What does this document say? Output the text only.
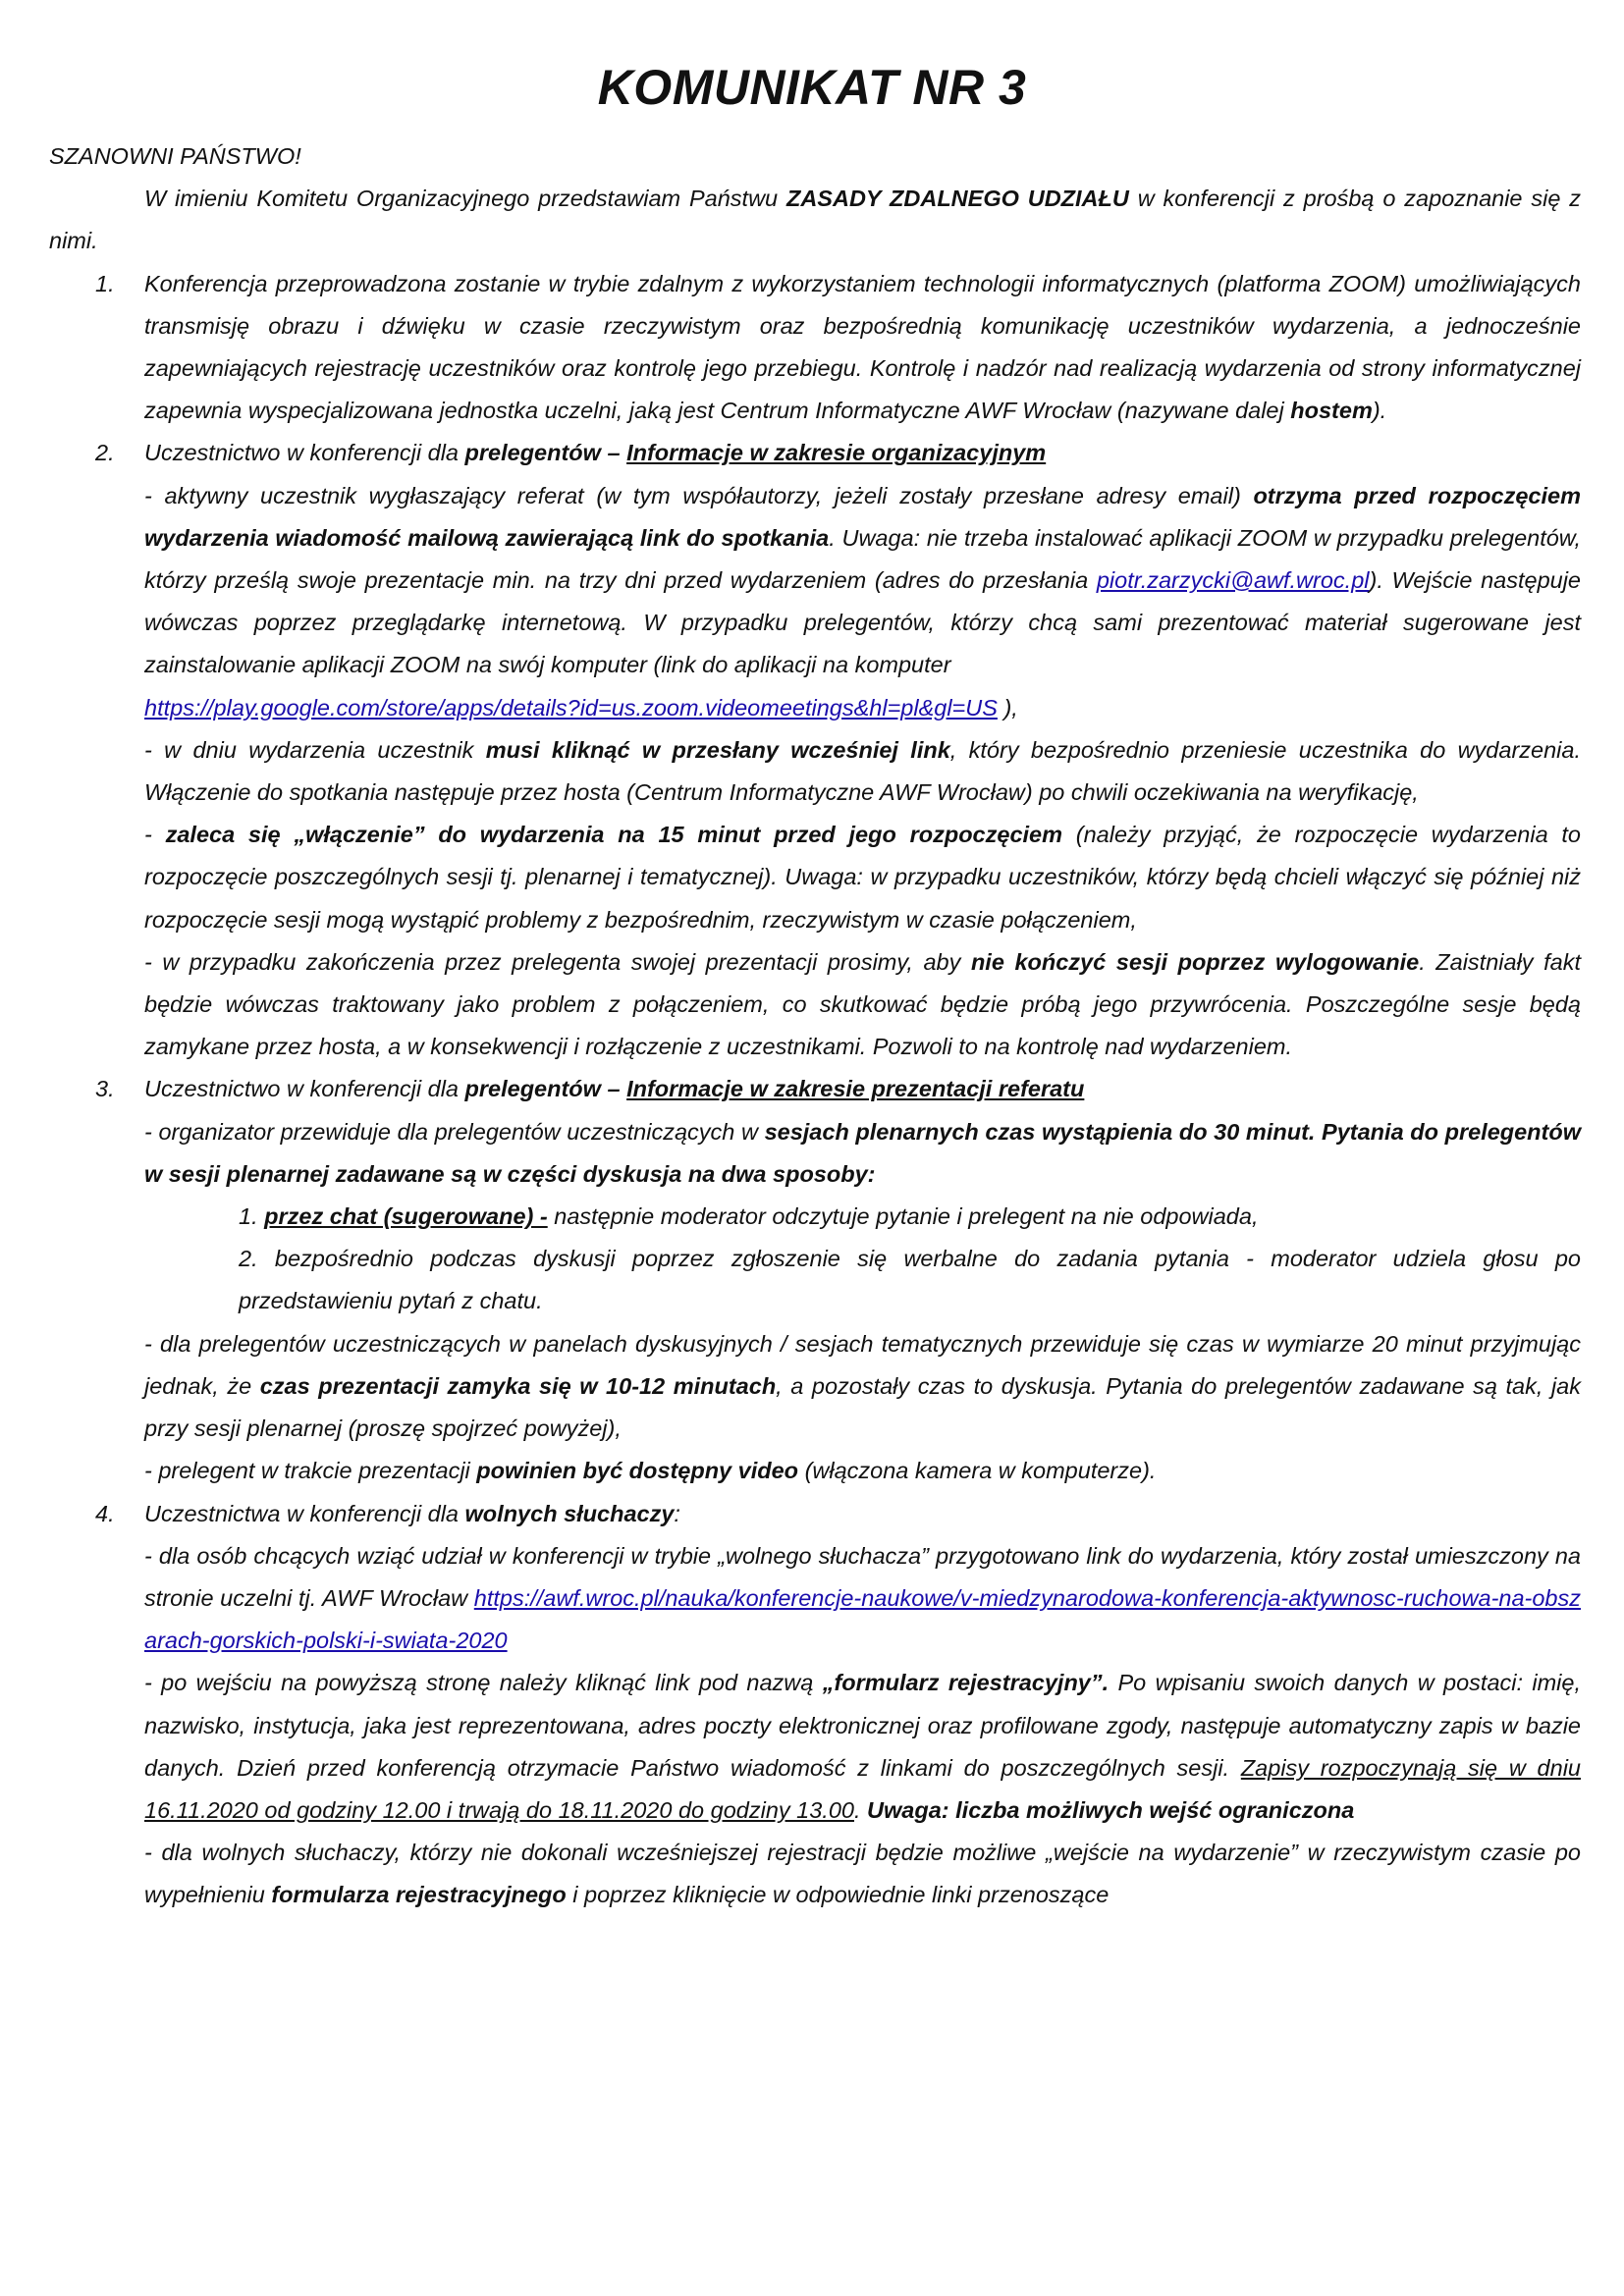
KOMUNIKAT NR 3

SZANOWNI PAŃSTWO!

W imieniu Komitetu Organizacyjnego przedstawiam Państwu ZASADY ZDALNEGO UDZIAŁU w konferencji z prośbą o zapoznanie się z nimi.

1. Konferencja przeprowadzona zostanie w trybie zdalnym z wykorzystaniem technologii informatycznych (platforma ZOOM) umożliwiających transmisję obrazu i dźwięku w czasie rzeczywistym oraz bezpośrednią komunikację uczestników wydarzenia, a jednocześnie zapewniających rejestrację uczestników oraz kontrolę jego przebiegu. Kontrolę i nadzór nad realizacją wydarzenia od strony informatycznej zapewnia wyspecjalizowana jednostka uczelni, jaką jest Centrum Informatyczne AWF Wrocław (nazywane dalej hostem).
2. Uczestnictwo w konferencji dla prelegentów – Informacje w zakresie organizacyjnym
- aktywny uczestnik wygłaszający referat (w tym współautorzy, jeżeli zostały przesłane adresy email) otrzyma przed rozpoczęciem wydarzenia wiadomość mailową zawierającą link do spotkania. Uwaga: nie trzeba instalować aplikacji ZOOM w przypadku prelegentów, którzy prześlą swoje prezentacje min. na trzy dni przed wydarzeniem (adres do przesłania piotr.zarzycki@awf.wroc.pl). Wejście następuje wówczas poprzez przeglądarkę internetową. W przypadku prelegentów, którzy chcą sami prezentować materiał sugerowane jest zainstalowanie aplikacji ZOOM na swój komputer (link do aplikacji na komputer
https://play.google.com/store/apps/details?id=us.zoom.videomeetings&hl=pl&gl=US ),
- w dniu wydarzenia uczestnik musi kliknąć w przesłany wcześniej link, który bezpośrednio przeniesie uczestnika do wydarzenia. Włączenie do spotkania następuje przez hosta (Centrum Informatyczne AWF Wrocław) po chwili oczekiwania na weryfikację,
- zaleca się „włączenie” do wydarzenia na 15 minut przed jego rozpoczęciem (należy przyjąć, że rozpoczęcie wydarzenia to rozpoczęcie poszczególnych sesji tj. plenarnej i tematycznej). Uwaga: w przypadku uczestników, którzy będą chcieli włączyć się później niż rozpoczęcie sesji mogą wystąpić problemy z bezpośrednim, rzeczywistym w czasie połączeniem,
- w przypadku zakończenia przez prelegenta swojej prezentacji prosimy, aby nie kończyć sesji poprzez wylogowanie. Zaistniały fakt będzie wówczas traktowany jako problem z połączeniem, co skutkować będzie próbą jego przywrócenia. Poszczególne sesje będą zamykane przez hosta, a w konsekwencji i rozłączenie z uczestnikami. Pozwoli to na kontrolę nad wydarzeniem.
3. Uczestnictwo w konferencji dla prelegentów – Informacje w zakresie prezentacji referatu
- organizator przewiduje dla prelegentów uczestniczących w sesjach plenarnych czas wystąpienia do 30 minut. Pytania do prelegentów w sesji plenarnej zadawane są w części dyskusja na dwa sposoby:
1. przez chat (sugerowane) - następnie moderator odczytuje pytanie i prelegent na nie odpowiada,
2. bezpośrednio podczas dyskusji poprzez zgłoszenie się werbalne do zadania pytania - moderator udziela głosu po przedstawieniu pytań z chatu.
- dla prelegentów uczestniczących w panelach dyskusyjnych / sesjach tematycznych przewiduje się czas w wymiarze 20 minut przyjmując jednak, że czas prezentacji zamyka się w 10-12 minutach, a pozostały czas to dyskusja. Pytania do prelegentów zadawane są tak, jak przy sesji plenarnej (proszę spojrzeć powyżej),
- prelegent w trakcie prezentacji powinien być dostępny video (włączona kamera w komputerze).
4. Uczestnictwa w konferencji dla wolnych słuchaczy:
- dla osób chcących wziąć udział w konferencji w trybie „wolnego słuchacza” przygotowano link do wydarzenia, który został umieszczony na stronie uczelni tj. AWF Wrocław https://awf.wroc.pl/nauka/konferencje-naukowe/v-miedzynarodowa-konferencja-aktywnosc-ruchowa-na-obszarach-gorskich-polski-i-swiata-2020
- po wejściu na powyższą stronę należy kliknąć link pod nazwą „formularz rejestracyjny”. Po wpisaniu swoich danych w postaci: imię, nazwisko, instytucja, jaka jest reprezentowana, adres poczty elektronicznej oraz profilowane zgody, następuje automatyczny zapis w bazie danych. Dzień przed konferencją otrzymacie Państwo wiadomość z linkami do poszczególnych sesji. Zapisy rozpoczynają się w dniu 16.11.2020 od godziny 12.00 i trwają do 18.11.2020 do godziny 13.00. Uwaga: liczba możliwych wejść ograniczona
- dla wolnych słuchaczy, którzy nie dokonali wcześniejszej rejestracji będzie możliwe „wejście na wydarzenie” w rzeczywistym czasie po wypełnieniu formularza rejestracyjnego i poprzez kliknięcie w odpowiednie linki przenoszące
